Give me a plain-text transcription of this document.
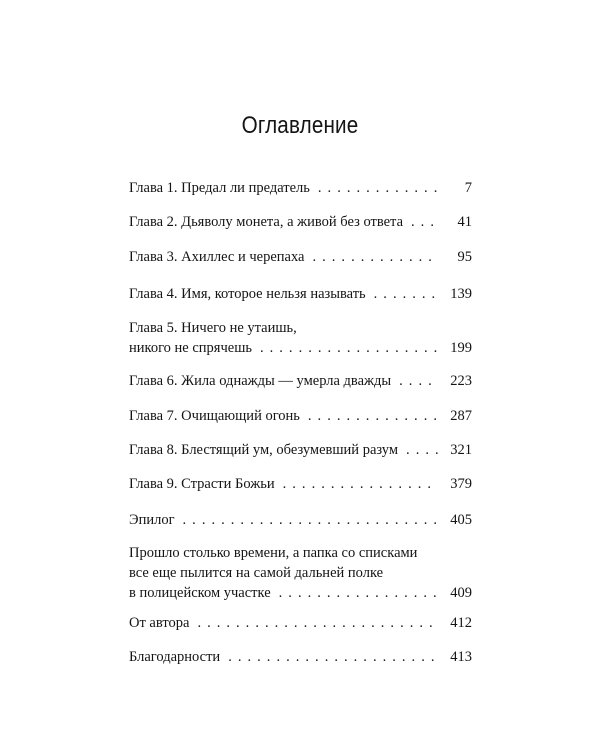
Оглавление
Глава 1. Предал ли предатель . . .	7
Глава 2. Дьяволу монета, а живой без ответа . . .	41
Глава 3. Ахиллес и черепаха . . .	95
Глава 4. Имя, которое нельзя называть . . .	139
Глава 5. Ничего не утаишь,
никого не спрячешь . . .	199
Глава 6. Жила однажды — умерла дважды . . .	223
Глава 7. Очищающий огонь . . .	287
Глава 8. Блестящий ум, обезумевший разум . . .	321
Глава 9. Страсти Божьи . . .	379
Эпилог . . .	405
Прошло столько времени, а папка со списками
все еще пылится на самой дальней полке
в полицейском участке . . .	409
От автора . . .	412
Благодарности . . .	413
